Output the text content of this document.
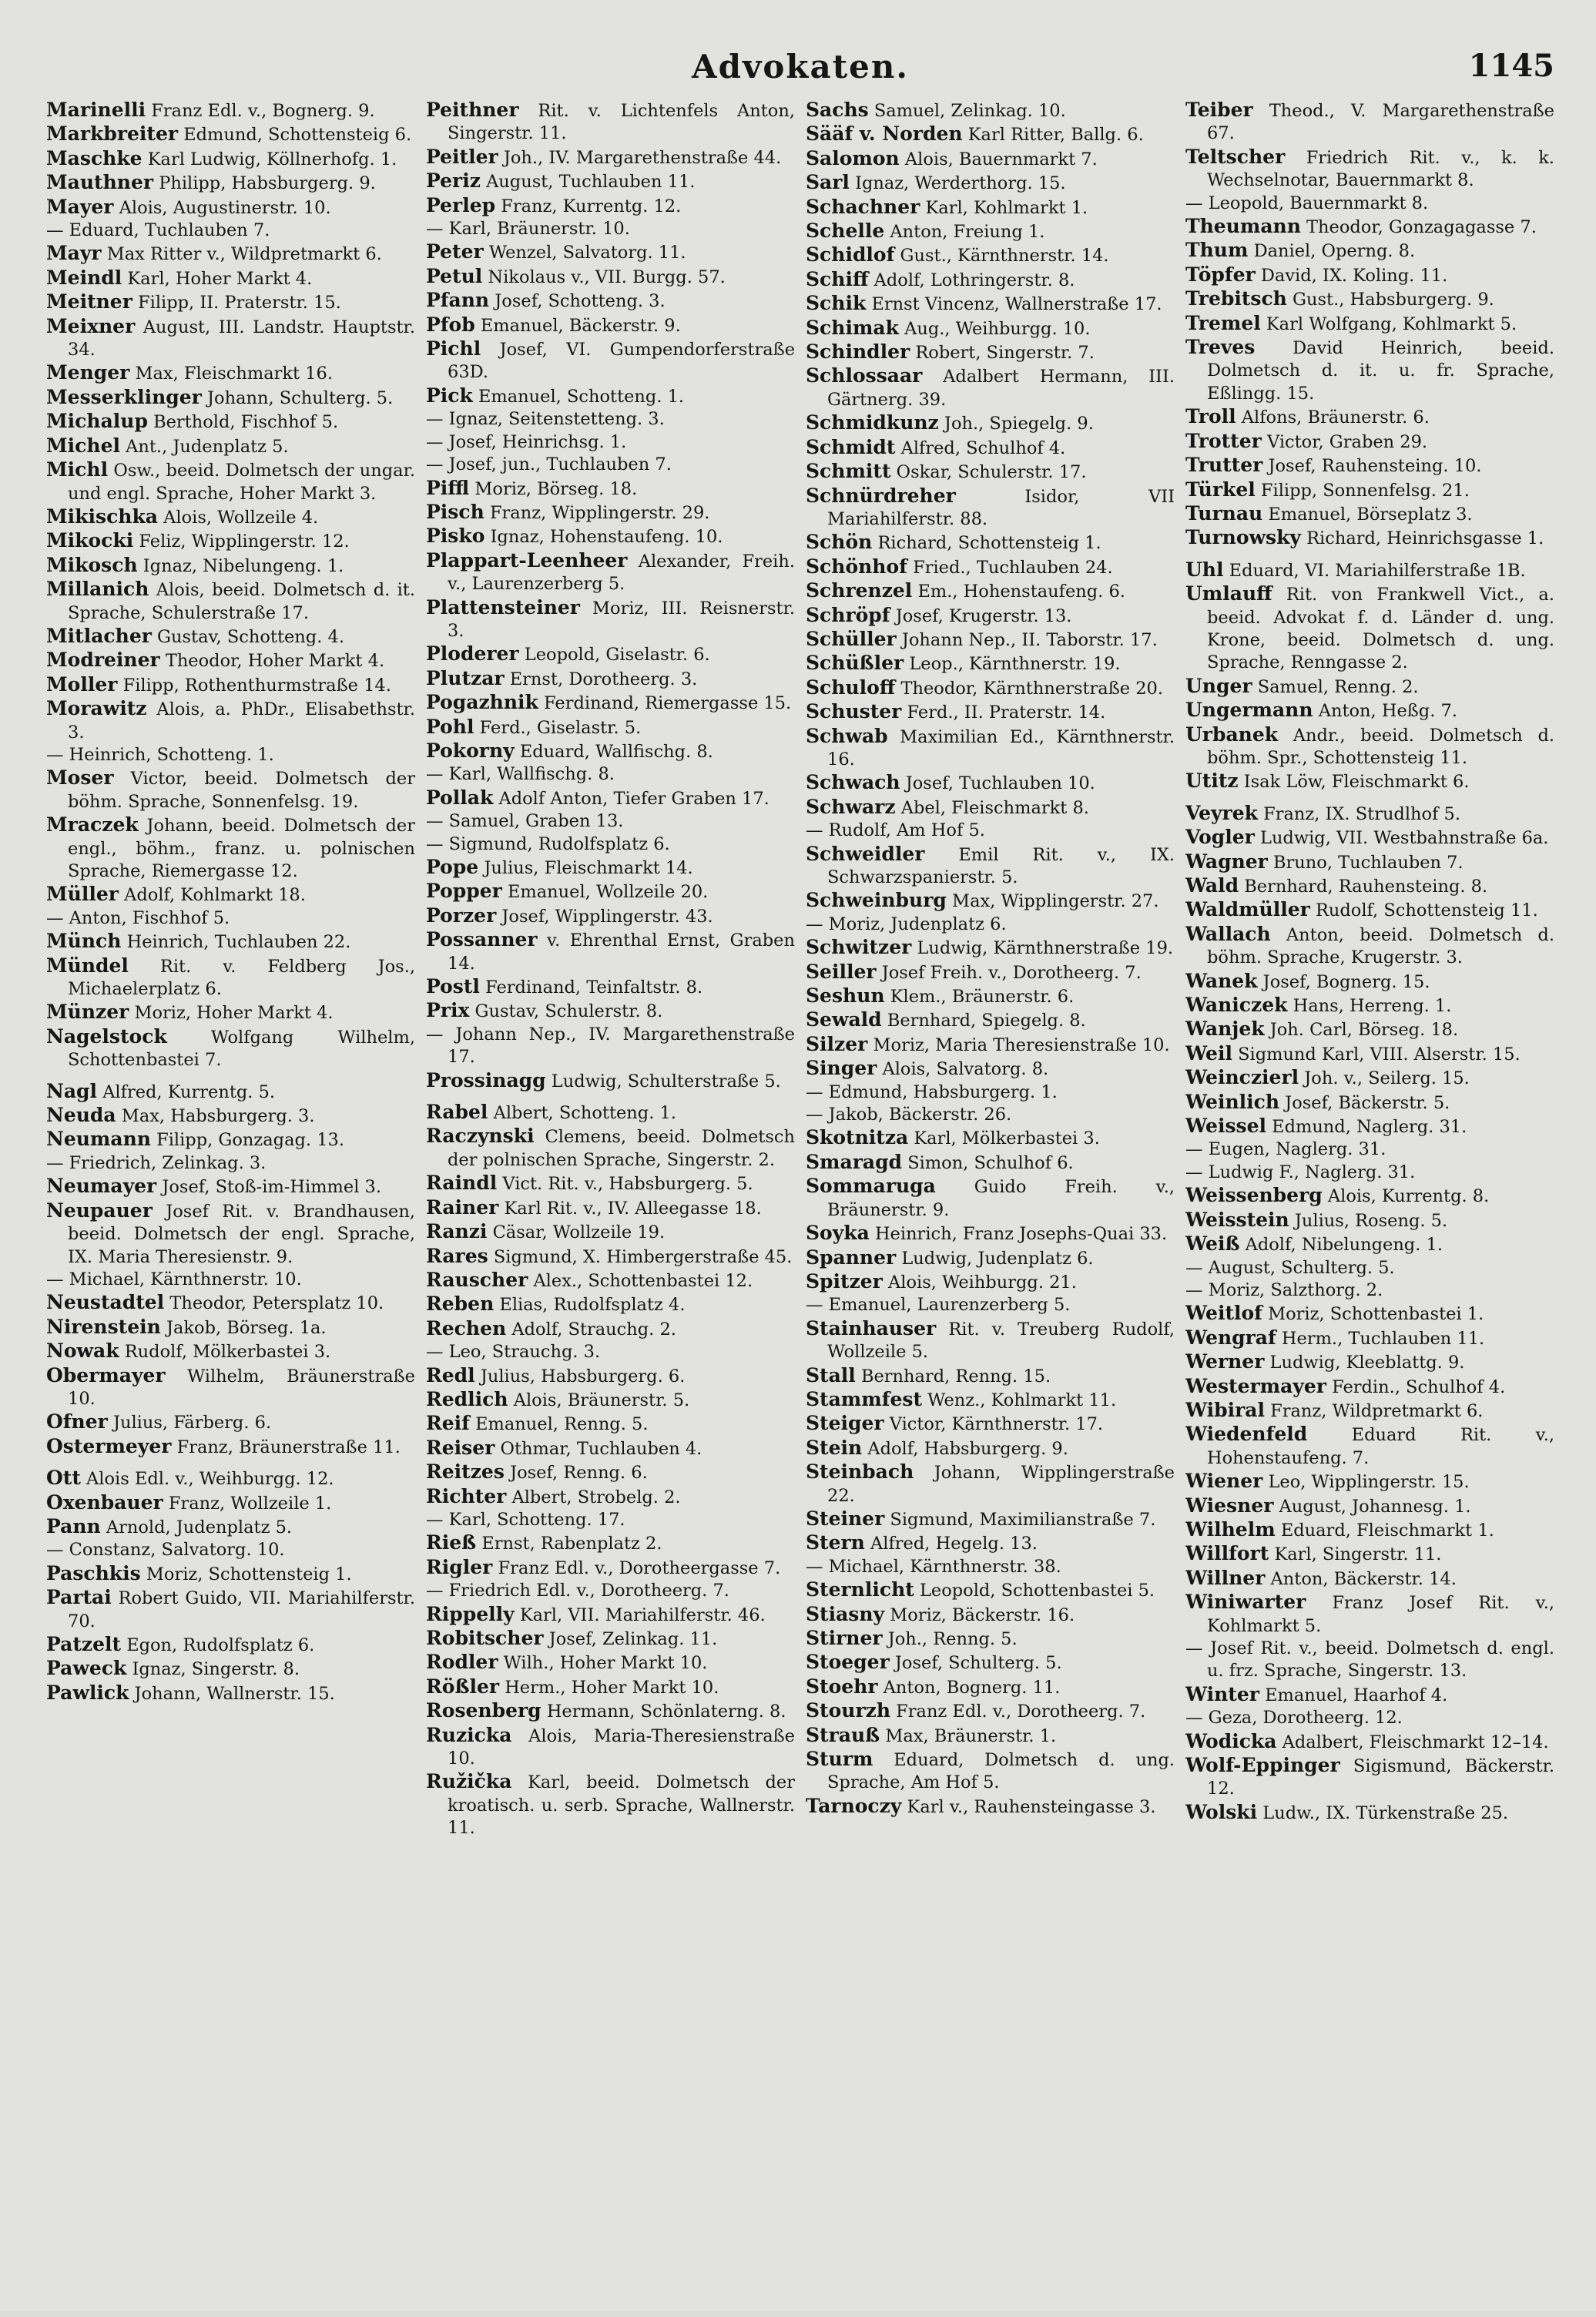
Advokaten.	1145

Marinelli Franz Edl. v., Bognerg. 9.

Markbreiter Edmund, Schottensteig 6.

Maschke Karl Ludwig, Köllnerhofg. 1.

Mauthner Philipp, Habsburgerg. 9.

Mayer Alois, Augustinerstr. 10.

— Eduard, Tuchlauben 7.

Mayr Max Ritter v., Wildpretmarkt 6.

Meindl Karl, Hoher Markt 4.

Meitner Filipp, II. Praterstr. 15.

Meixner August, III. Landstr. Hauptstr. 34.

Menger Max, Fleischmarkt 16.

Messerklinger Johann, Schulterg. 5.

Michalup Berthold, Fischhof 5.

Michel Ant., Judenplatz 5.

Michl Osw., beeid. Dolmetsch der ungar. und engl. Sprache, Hoher Markt 3.

Mikischka Alois, Wollzeile 4.

Mikocki Feliz, Wipplingerstr. 12.

Mikosch Ignaz, Nibelungeng. 1.

Millanich Alois, beeid. Dolmetsch d. it. Sprache, Schulerstraße 17.

Mitlacher Gustav, Schotteng. 4.

Modreiner Theodor, Hoher Markt 4.

Moller Filipp, Rothenthurmstraße 14.

Morawitz Alois, a. PhDr., Elisabethstr. 3.

— Heinrich, Schotteng. 1.

Moser Victor, beeid. Dolmetsch der böhm. Sprache, Sonnenfelsg. 19.

Mraczek Johann, beeid. Dolmetsch der engl., böhm., franz. u. polnischen Sprache, Riemergasse 12.

Müller Adolf, Kohlmarkt 18.

— Anton, Fischhof 5.

Münch Heinrich, Tuchlauben 22.

Mündel Rit. v. Feldberg Jos., Michaelerplatz 6.

Münzer Moriz, Hoher Markt 4.

Nagelstock	Wolfgang Wilhelm, Schottenbastei 7.

Nagl Alfred, Kurrentg. 5.

Neuda Max, Habsburgerg. 3.

Neumann Filipp, Gonzagag. 13.

— Friedrich, Zelinkag. 3.

Neumayer Josef, Stoß-im-Himmel 3.

Neupauer Josef Rit. v. Brandhausen, beeid. Dolmetsch der engl. Sprache, IX. Maria Theresienstr. 9.

— Michael, Kärnthnerstr. 10.

Neustadtel Theodor, Petersplatz 10.

Nirenstein Jakob, Börseg. 1a.

Nowak Rudolf, Mölkerbastei 3.

Obermayer Wilhelm, Bräunerstraße 10.

Ofner Julius, Färberg. 6.

Ostermeyer Franz, Bräunerstraße 11.

Ott Alois Edl. v., Weihburgg. 12.

Oxenbauer Franz, Wollzeile 1.

Pann Arnold, Judenplatz 5.

— Constanz, Salvatorg. 10.

Paschkis Moriz, Schottensteig 1.

Partai Robert Guido, VII. Mariahilferstr. 70.

Patzelt Egon, Rudolfsplatz 6.

Paweck Ignaz, Singerstr. 8.

Pawlick Johann, Wallnerstr. 15.

Peithner Rit. v. Lichtenfels Anton, Singerstr. 11.

Peitler Joh., IV. Margarethenstraße 44.

Periz August, Tuchlauben 11.

Perlep Franz, Kurrentg. 12.

— Karl, Bräunerstr. 10.

Peter Wenzel, Salvatorg. 11.

Petul Nikolaus v., VII. Burgg. 57.

Pfann Josef, Schotteng. 3.

Pfob Emanuel, Bäckerstr. 9.

Pichl Josef, VI. Gumpendorferstraße 63D.

Pick Emanuel, Schotteng. 1.

— Ignaz, Seitenstetteng. 3.

— Josef, Heinrichsg. 1.

— Josef, jun., Tuchlauben 7.

Piffl Moriz, Börseg. 18.

Pisch Franz, Wipplingerstr. 29.

Pisko Ignaz, Hohenstaufeng. 10.

Plappart-Leenheer Alexander, Freih. v., Laurenzerberg 5.

Plattensteiner Moriz, III. Reisnerstr. 3.

Ploderer Leopold, Giselastr. 6.

Plutzar Ernst, Dorotheerg. 3.

Pogazhnik Ferdinand, Riemergasse 15.

Pohl Ferd., Giselastr. 5.

Pokorny Eduard, Wallfischg. 8.

— Karl, Wallfischg. 8.

Pollak Adolf Anton, Tiefer Graben 17.

— Samuel, Graben 13.

— Sigmund, Rudolfsplatz 6.

Pope Julius, Fleischmarkt 14.

Popper Emanuel, Wollzeile 20.

Porzer Josef, Wipplingerstr. 43.

Possanner v. Ehrenthal Ernst, Graben 14.

Postl Ferdinand, Teinfaltstr. 8.

Prix Gustav, Schulerstr. 8.

— Johann Nep., IV. Margarethenstraße 17.

Prossinagg Ludwig, Schulterstraße 5.

Rabel Albert, Schotteng. 1.

Raczynski Clemens, beeid. Dolmetsch der polnischen Sprache, Singerstr. 2.

Raindl Vict. Rit. v., Habsburgerg. 5.

Rainer Karl Rit. v., IV. Alleegasse 18.

Ranzi Cäsar, Wollzeile 19.

Rares Sigmund, X. Himbergerstraße 45.

Rauscher Alex., Schottenbastei 12.

Reben Elias, Rudolfsplatz 4.

Rechen Adolf, Strauchg. 2.

— Leo, Strauchg. 3.

Redl Julius, Habsburgerg. 6.

Redlich Alois, Bräunerstr. 5.

Reif Emanuel, Renng. 5.

Reiser Othmar, Tuchlauben 4.

Reitzes Josef, Renng. 6.

Richter Albert, Strobelg. 2.

— Karl, Schotteng. 17.

Rieß Ernst, Rabenplatz 2.

Rigler Franz Edl. v., Dorotheergasse 7.

— Friedrich Edl. v., Dorotheerg. 7.

Rippelly Karl, VII. Mariahilferstr. 46.

Robitscher Josef, Zelinkag. 11.

Rodler Wilh., Hoher Markt 10.

Rößler Herm., Hoher Markt 10.

Rosenberg Hermann, Schönlaterng. 8.

Ruzicka Alois, Maria-Theresienstraße 10.

Ružička Karl, beeid. Dolmetsch der kroatisch. u. serb. Sprache, Wallnerstr. 11.

Sachs Samuel, Zelinkag. 10.

Sääf v. Norden Karl Ritter, Ballg. 6.

Salomon Alois, Bauernmarkt 7.

Sarl Ignaz, Werderthorg. 15.

Schachner Karl, Kohlmarkt 1.

Schelle Anton, Freiung 1.

Schidlof Gust., Kärnthnerstr. 14.

Schiff Adolf, Lothringerstr. 8.

Schik Ernst Vincenz, Wallnerstraße 17.

Schimak Aug., Weihburgg. 10.

Schindler Robert, Singerstr. 7.

Schlossaar Adalbert Hermann, III. Gärtnerg. 39.

Schmidkunz Joh., Spiegelg. 9.

Schmidt Alfred, Schulhof 4.

Schmitt Oskar, Schulerstr. 17.

Schnürdreher	Isidor, VII Mariahilferstr. 88.

Schön Richard, Schottensteig 1.

Schönhof Fried., Tuchlauben 24.

Schrenzel Em., Hohenstaufeng. 6.

Schröpf Josef, Krugerstr. 13.

Schüller Johann Nep., II. Taborstr. 17.

Schüßler Leop., Kärnthnerstr. 19.

Schuloff Theodor, Kärnthnerstraße 20.

Schuster Ferd., II. Praterstr. 14.

Schwab Maximilian Ed., Kärnthnerstr. 16.

Schwach Josef, Tuchlauben 10.

Schwarz Abel, Fleischmarkt 8.

— Rudolf, Am Hof 5.

Schweidler Emil Rit. v., IX. Schwarzspanierstr. 5.

Schweinburg Max, Wipplingerstr. 27.

— Moriz, Judenplatz 6.

Schwitzer Ludwig, Kärnthnerstraße 19.

Seiller Josef Freih. v., Dorotheerg. 7.

Seshun Klem., Bräunerstr. 6.

Sewald Bernhard, Spiegelg. 8.

Silzer Moriz, Maria Theresienstraße 10.

Singer Alois, Salvatorg. 8.

— Edmund, Habsburgerg. 1.

— Jakob, Bäckerstr. 26.

Skotnitza Karl, Mölkerbastei 3.

Smaragd Simon, Schulhof 6.

Sommaruga Guido Freih. v., Bräunerstr. 9.

Soyka Heinrich, Franz Josephs-Quai 33.

Spanner Ludwig, Judenplatz 6.

Spitzer Alois, Weihburgg. 21.

— Emanuel, Laurenzerberg 5.

Stainhauser Rit. v. Treuberg Rudolf, Wollzeile 5.

Stall Bernhard, Renng. 15.

Stammfest Wenz., Kohlmarkt 11.

Steiger Victor, Kärnthnerstr. 17.

Stein Adolf, Habsburgerg. 9.

Steinbach Johann, Wipplingerstraße 22.

Steiner Sigmund, Maximilianstraße 7.

Stern Alfred, Hegelg. 13.

— Michael, Kärnthnerstr. 38.

Sternlicht Leopold, Schottenbastei 5.

Stiasny Moriz, Bäckerstr. 16.

Stirner Joh., Renng. 5.

Stoeger Josef, Schulterg. 5.

Stoehr Anton, Bognerg. 11.

Stourzh Franz Edl. v., Dorotheerg. 7.

Strauß Max, Bräunerstr. 1.

Sturm Eduard, Dolmetsch d. ung. Sprache, Am Hof 5.

Tarnoczy Karl v., Rauhensteingasse 3.

Teiber Theod., V. Margarethenstraße 67.

Teltscher Friedrich Rit. v., k. k. Wechselnotar, Bauernmarkt 8.

— Leopold, Bauernmarkt 8.

Theumann Theodor, Gonzagagasse 7.

Thum Daniel, Operng. 8.

Töpfer David, IX. Koling. 11.

Trebitsch Gust., Habsburgerg. 9.

Tremel Karl Wolfgang, Kohlmarkt 5.

Treves David Heinrich, beeid. Dolmetsch d. it. u. fr. Sprache, Eßlingg. 15.

Troll Alfons, Bräunerstr. 6.

Trotter Victor, Graben 29.

Trutter Josef, Rauhensteing. 10.

Türkel Filipp, Sonnenfelsg. 21.

Turnau Emanuel, Börseplatz 3.

Turnowsky Richard, Heinrichsgasse 1.

Uhl Eduard, VI. Mariahilferstraße 1B.

Umlauff Rit. von Frankwell Vict., a. beeid. Advokat f. d. Länder d. ung. Krone, beeid. Dolmetsch d. ung. Sprache, Renngasse 2.

Unger Samuel, Renng. 2.

Ungermann Anton, Heßg. 7.

Urbanek Andr., beeid. Dolmetsch d. böhm. Spr., Schottensteig 11.

Utitz Isak Löw, Fleischmarkt 6.

Veyrek Franz, IX. Strudlhof 5.

Vogler Ludwig, VII. Westbahnstraße 6a.

Wagner Bruno, Tuchlauben 7.

Wald Bernhard, Rauhensteing. 8.

Waldmüller Rudolf, Schottensteig 11.

Wallach Anton, beeid. Dolmetsch d. böhm. Sprache, Krugerstr. 3.

Wanek Josef, Bognerg. 15.

Waniczek Hans, Herreng. 1.

Wanjek Joh. Carl, Börseg. 18.

Weil Sigmund Karl, VIII. Alserstr. 15.

Weinczierl Joh. v., Seilerg. 15.

Weinlich Josef, Bäckerstr. 5.

Weissel Edmund, Naglerg. 31.

— Eugen, Naglerg. 31.

— Ludwig F., Naglerg. 31.

Weissenberg Alois, Kurrentg. 8.

Weisstein Julius, Roseng. 5.

Weiß Adolf, Nibelungeng. 1.

— August, Schulterg. 5.

— Moriz, Salzthorg. 2.

Weitlof Moriz, Schottenbastei 1.

Wengraf Herm., Tuchlauben 11.

Werner Ludwig, Kleeblattg. 9.

Westermayer Ferdin., Schulhof 4.

Wibiral Franz, Wildpretmarkt 6.

Wiedenfeld	Eduard Rit. v., Hohenstaufeng. 7.

Wiener Leo, Wipplingerstr. 15.

Wiesner August, Johannesg. 1.

Wilhelm Eduard, Fleischmarkt 1.

Willfort Karl, Singerstr. 11.

Willner Anton, Bäckerstr. 14.

Winiwarter Franz Josef Rit. v., Kohlmarkt 5.

— Josef Rit. v., beeid. Dolmetsch d. engl. u. frz. Sprache, Singerstr. 13.

Winter Emanuel, Haarhof 4.

— Geza, Dorotheerg. 12.

Wodicka Adalbert, Fleischmarkt 12–14.

Wolf-Eppinger Sigismund, Bäckerstr. 12.

Wolski Ludw., IX. Türkenstraße 25.
